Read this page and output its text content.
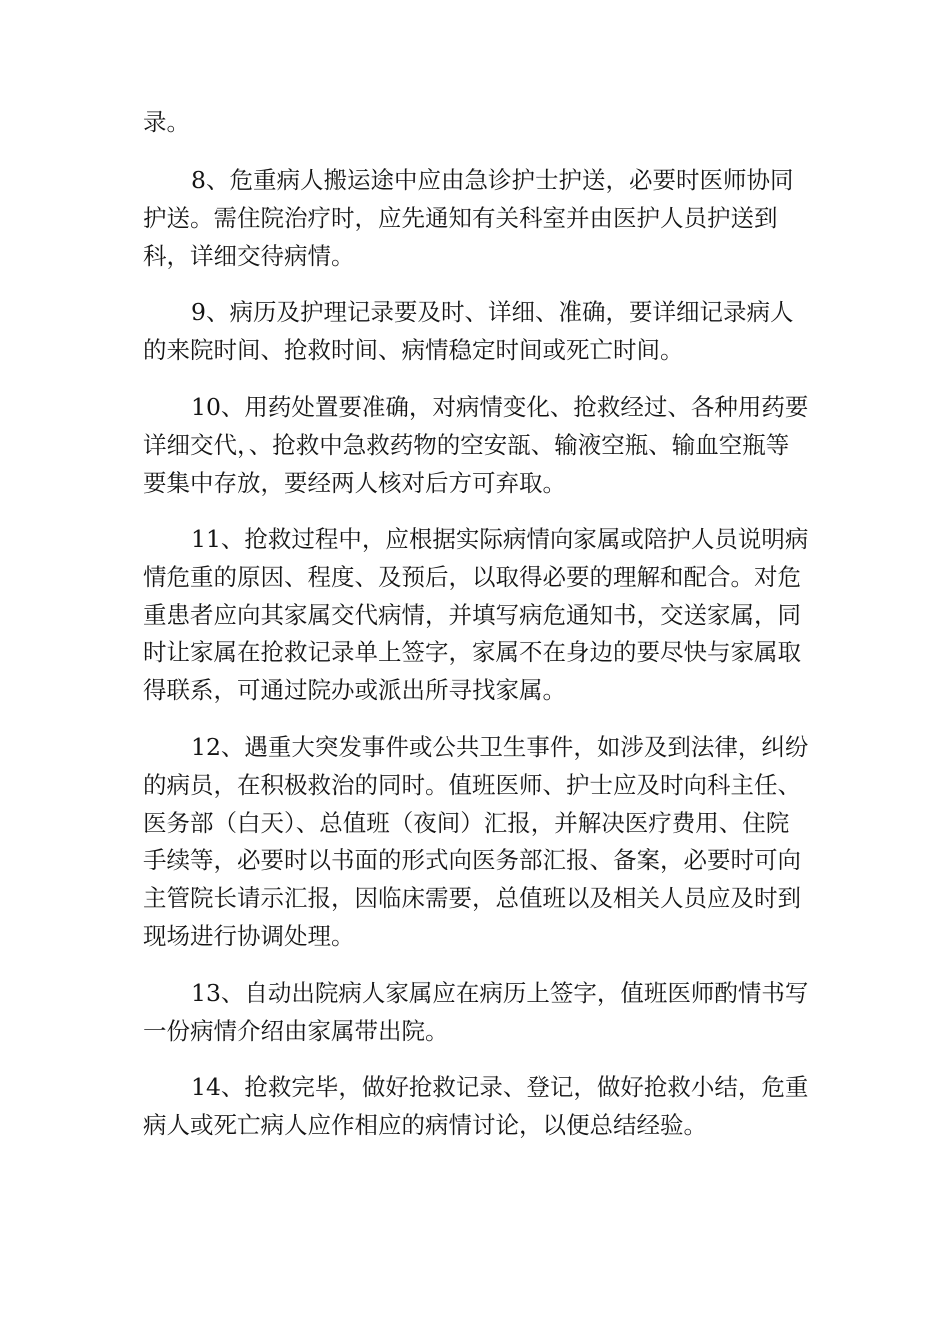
录。
8、危重病人搬运途中应由急诊护士护送，必要时医师协同
护送。需住院治疗时，应先通知有关科室并由医护人员护送到
科，详细交待病情。
9、病历及护理记录要及时、详细、准确，要详细记录病人
的来院时间、抢救时间、病情稳定时间或死亡时间。
10、用药处置要准确，对病情变化、抢救经过、各种用药要
详细交代，、抢救中急救药物的空安瓿、输液空瓶、输血空瓶等
要集中存放，要经两人核对后方可弃取。
11、抢救过程中，应根据实际病情向家属或陪护人员说明病
情危重的原因、程度、及预后，以取得必要的理解和配合。对危
重患者应向其家属交代病情，并填写病危通知书，交送家属，同
时让家属在抢救记录单上签字，家属不在身边的要尽快与家属取
得联系，可通过院办或派出所寻找家属。
12、遇重大突发事件或公共卫生事件，如涉及到法律，纠纷
的病员，在积极救治的同时。值班医师、护士应及时向科主任、
医务部（白天）、总值班（夜间）汇报，并解决医疗费用、住院
手续等，必要时以书面的形式向医务部汇报、备案，必要时可向
主管院长请示汇报，因临床需要，总值班以及相关人员应及时到
现场进行协调处理。
13、自动出院病人家属应在病历上签字，值班医师酌情书写
一份病情介绍由家属带出院。
14、抢救完毕，做好抢救记录、登记，做好抢救小结，危重
病人或死亡病人应作相应的病情讨论，以便总结经验。
